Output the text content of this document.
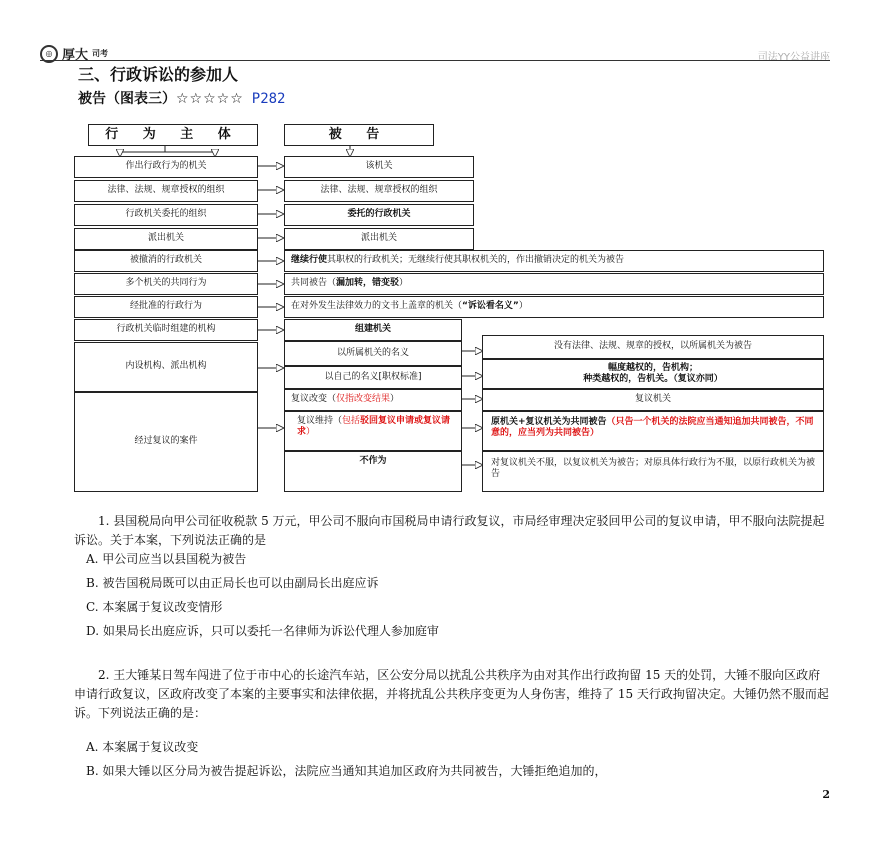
◎ 厚大 司考	司法YY公益讲座
三、行政诉讼的参加人
被告（图表三）☆☆☆☆☆ P282
行 为 主 体	被 告
作出行政行为的机关
法律、法规、规章授权的组织
行政机关委托的组织
派出机关
被撤消的行政机关
多个机关的共同行为
经批准的行政行为
行政机关临时组建的机构
内设机构、派出机构
经过复议的案件
该机关
法律、法规、规章授权的组织
委托的行政机关
派出机关
继续行使 其职权的行政机关；无继续行使其职权机关的，作出撤销决定的机关为被告
共同被告（ 漏加转，错变驳 ）
在对外发生法律效力的文书上盖章的机关（ “诉讼看名义” ）
组建机关
以所属机关的名义
以自己的名义[职权标准]
复议改变（ 仅指改变结果 ）
复议维持（包括驳回复议申请或复议请求）
不作为
没有法律、法规、规章的授权，以所属机关为被告
幅度越权的，告机构；
种类越权的，告机关。（复议亦同）
复议机关
原机关+复议机关为共同被告（只告一个机关的法院应当通知追加共同被告，不同意的，应当列为共同被告）
对复议机关不服，以复议机关为被告；对原具体行政行为不服，以原行政机关为被告
1. 县国税局向甲公司征收税款 5 万元，甲公司不服向市国税局申请行政复议，市局经审理决定驳回甲公司的复议申请，甲不服向法院提起诉讼。关于本案，下列说法正确的是
A. 甲公司应当以县国税为被告
B. 被告国税局既可以由正局长也可以由副局长出庭应诉
C. 本案属于复议改变情形
D. 如果局长出庭应诉，只可以委托一名律师为诉讼代理人参加庭审
2. 王大锤某日驾车闯进了位于市中心的长途汽车站，区公安分局以扰乱公共秩序为由对其作出行政拘留 15 天的处罚，大锤不服向区政府申请行政复议，区政府改变了本案的主要事实和法律依据，并将扰乱公共秩序变更为人身伤害，维持了 15 天行政拘留决定。大锤仍然不服而起诉。下列说法正确的是：
A. 本案属于复议改变
B. 如果大锤以区分局为被告提起诉讼，法院应当通知其追加区政府为共同被告，大锤拒绝追加的，
2
